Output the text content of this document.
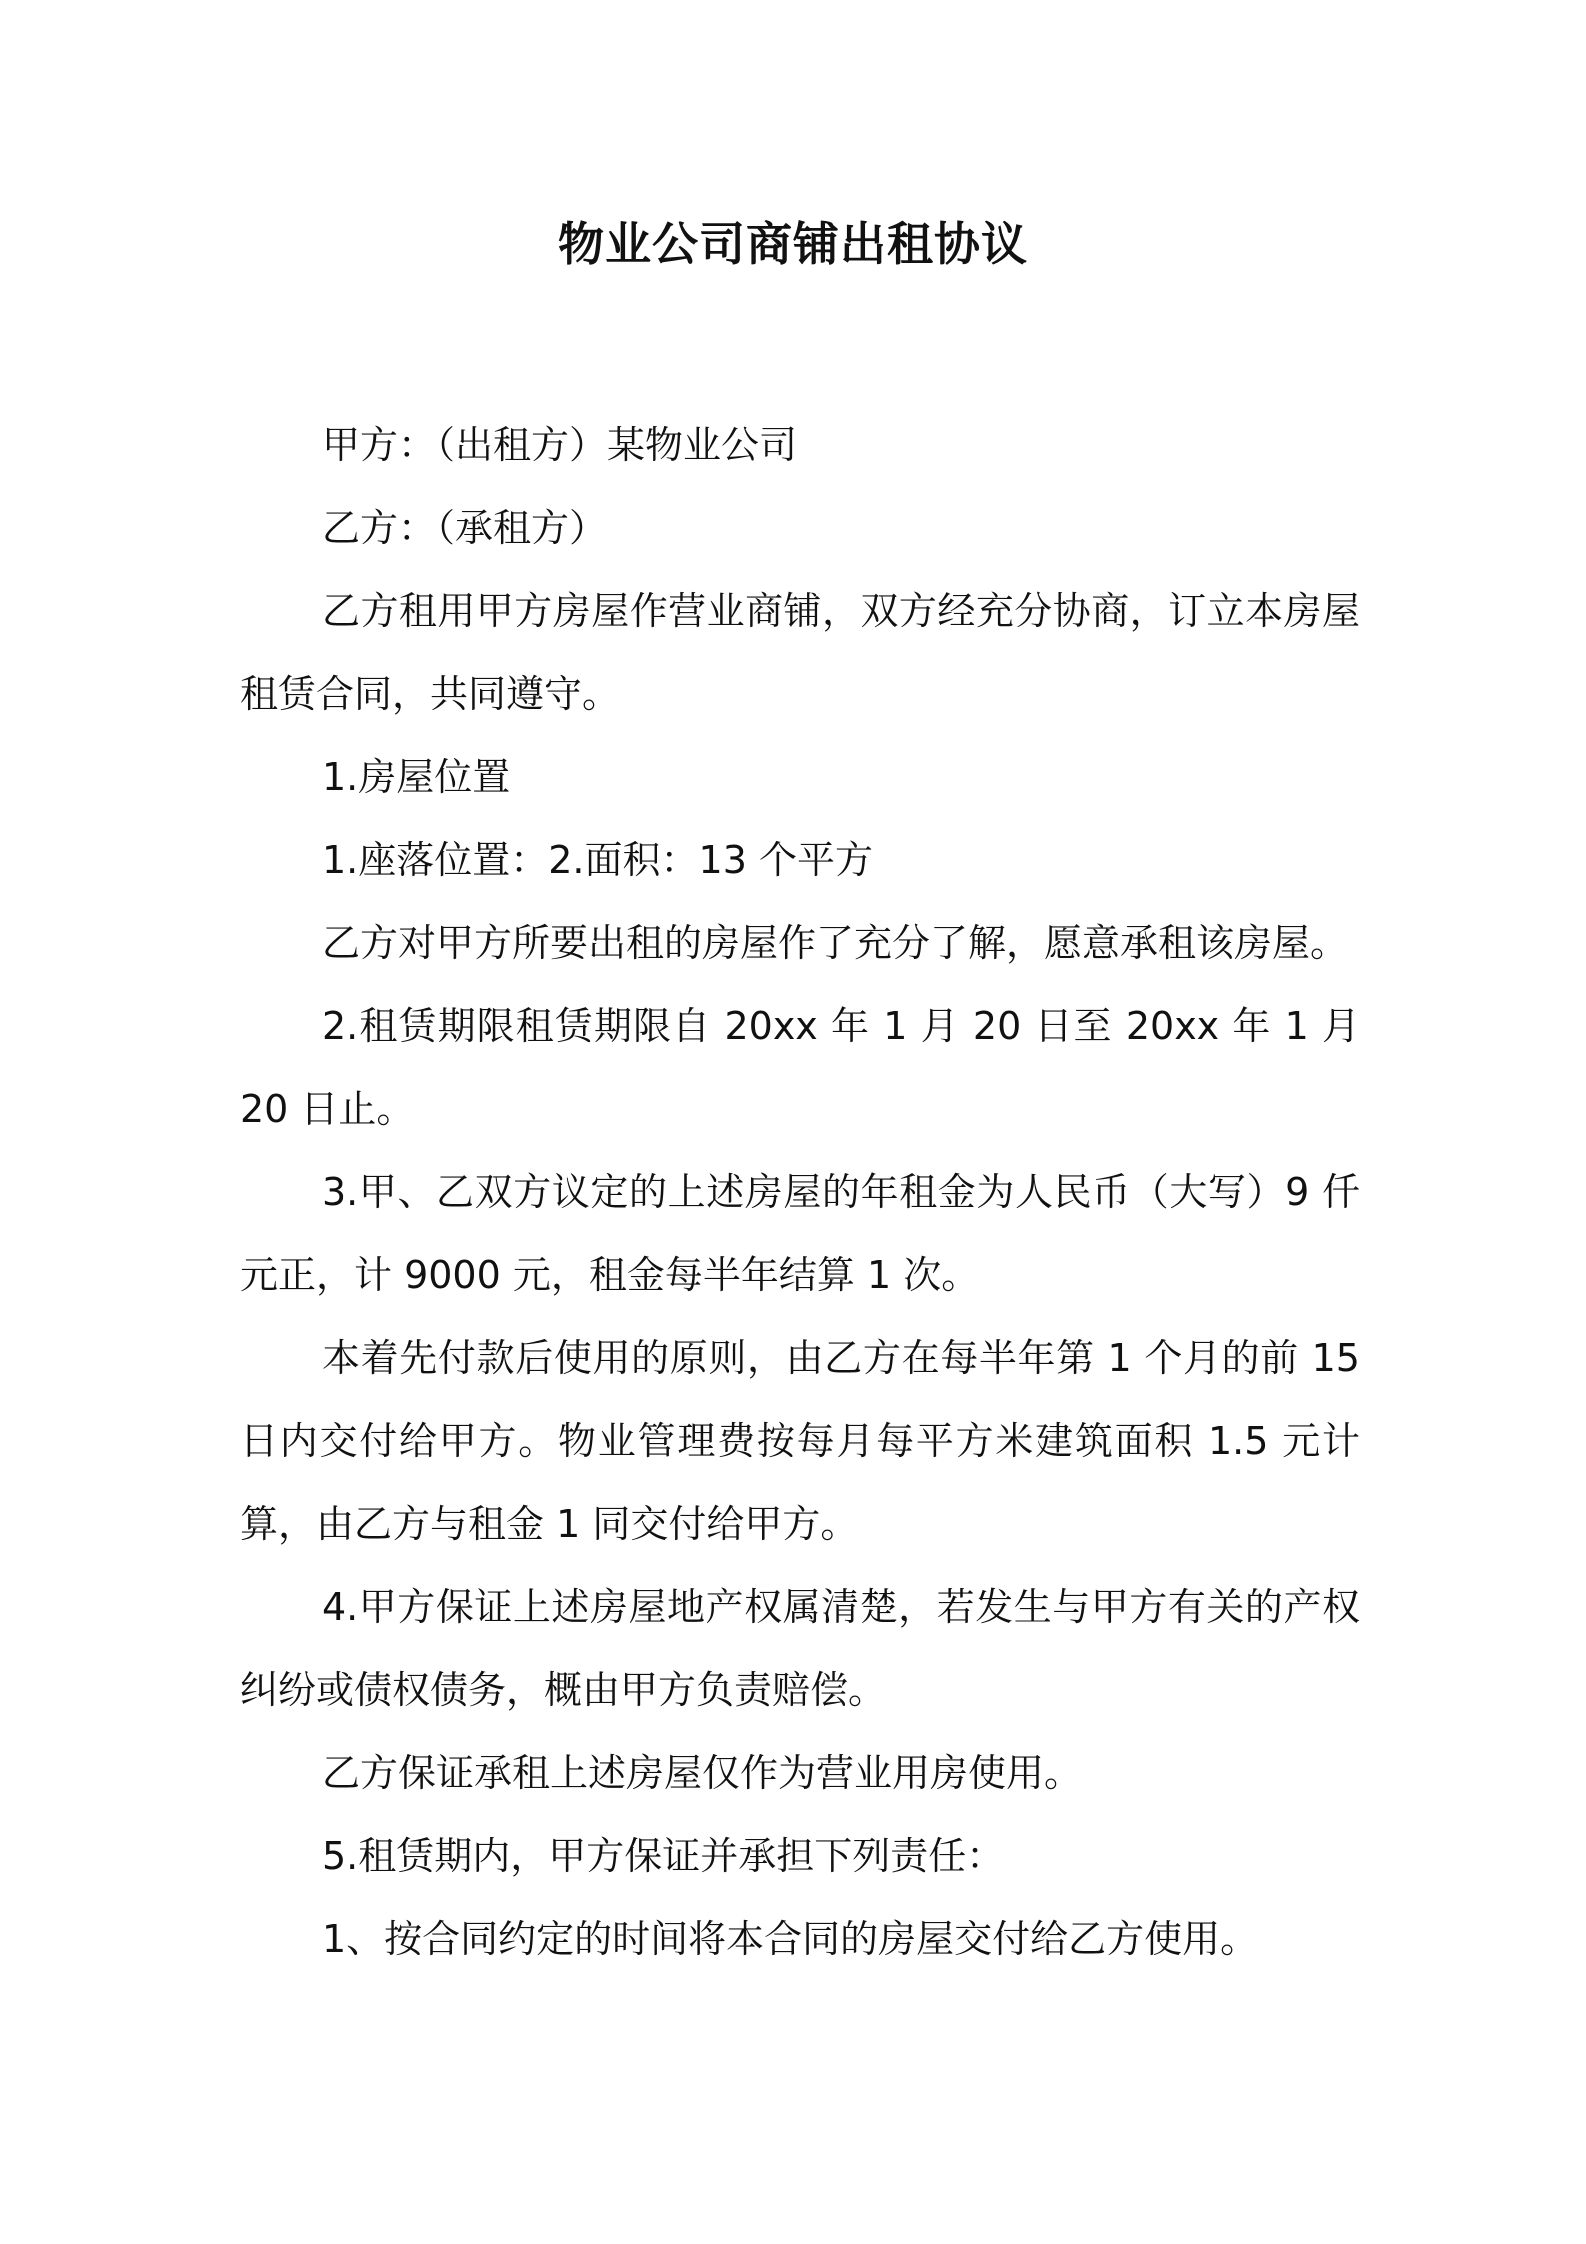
物业公司商铺出租协议

甲方：（出租方）某物业公司

乙方：（承租方）

乙方租用甲方房屋作营业商铺，双方经充分协商，订立本房屋租赁合同，共同遵守。

1.房屋位置

1.座落位置：2.面积：13 个平方

乙方对甲方所要出租的房屋作了充分了解，愿意承租该房屋。

2.租赁期限租赁期限自 20xx 年 1 月 20 日至 20xx 年 1 月 20 日止。

3.甲、乙双方议定的上述房屋的年租金为人民币（大写）9 仟元正，计 9000 元，租金每半年结算 1 次。

本着先付款后使用的原则，由乙方在每半年第 1 个月的前 15 日内交付给甲方。物业管理费按每月每平方米建筑面积 1.5 元计算，由乙方与租金 1 同交付给甲方。

4.甲方保证上述房屋地产权属清楚，若发生与甲方有关的产权纠纷或债权债务，概由甲方负责赔偿。

乙方保证承租上述房屋仅作为营业用房使用。

5.租赁期内，甲方保证并承担下列责任：

1、按合同约定的时间将本合同的房屋交付给乙方使用。
